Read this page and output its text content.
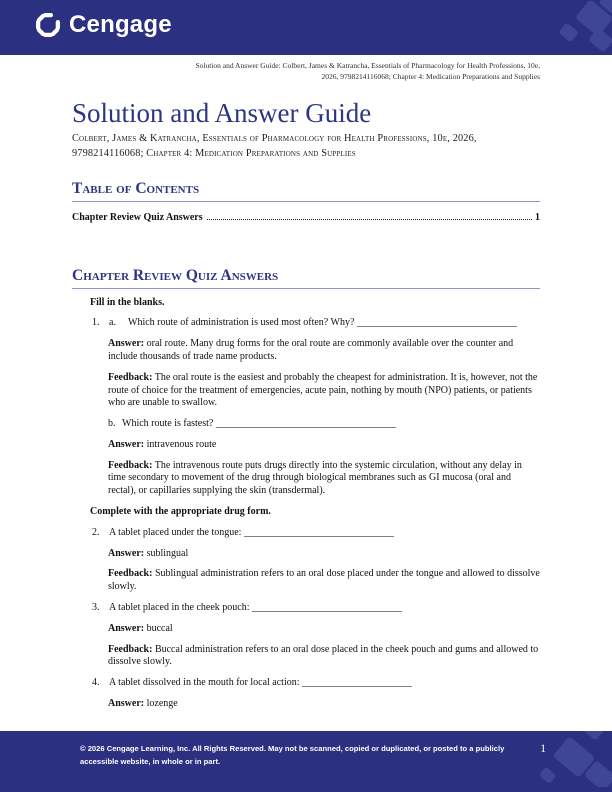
Cengage
Solution and Answer Guide: Colbert, James & Katrancha, Essentials of Pharmacology for Health Professions, 10e,
2026, 9798214116068; Chapter 4: Medication Preparations and Supplies
Solution and Answer Guide
Colbert, James & Katrancha, Essentials of Pharmacology for Health Professions, 10e, 2026, 9798214116068; Chapter 4: Medication Preparations and Supplies
Table of Contents
Chapter Review Quiz Answers	1
Chapter Review Quiz Answers

Fill in the blanks.

1. a.	Which route of administration is used most often? Why? ________________________________

Answer: oral route. Many drug forms for the oral route are commonly available over the counter and include thousands of trade name products.

Feedback: The oral route is the easiest and probably the cheapest for administration. It is, however, not the route of choice for the treatment of emergencies, acute pain, nothing by mouth (NPO) patients, or patients who are unable to swallow.

b. Which route is fastest? ____________________________________

Answer: intravenous route

Feedback: The intravenous route puts drugs directly into the systemic circulation, without any delay in time secondary to movement of the drug through biological membranes such as GI mucosa (oral and rectal), or capillaries supplying the skin (transdermal).

Complete with the appropriate drug form.

2. A tablet placed under the tongue: ______________________________

Answer: sublingual

Feedback: Sublingual administration refers to an oral dose placed under the tongue and allowed to dissolve slowly.

3. A tablet placed in the cheek pouch: ______________________________

Answer: buccal

Feedback: Buccal administration refers to an oral dose placed in the cheek pouch and gums and allowed to dissolve slowly.

4. A tablet dissolved in the mouth for local action: ______________________

Answer: lozenge

© 2026 Cengage Learning, Inc. All Rights Reserved. May not be scanned, copied or duplicated, or posted to a publicly
accessible website, in whole or in part.
1
